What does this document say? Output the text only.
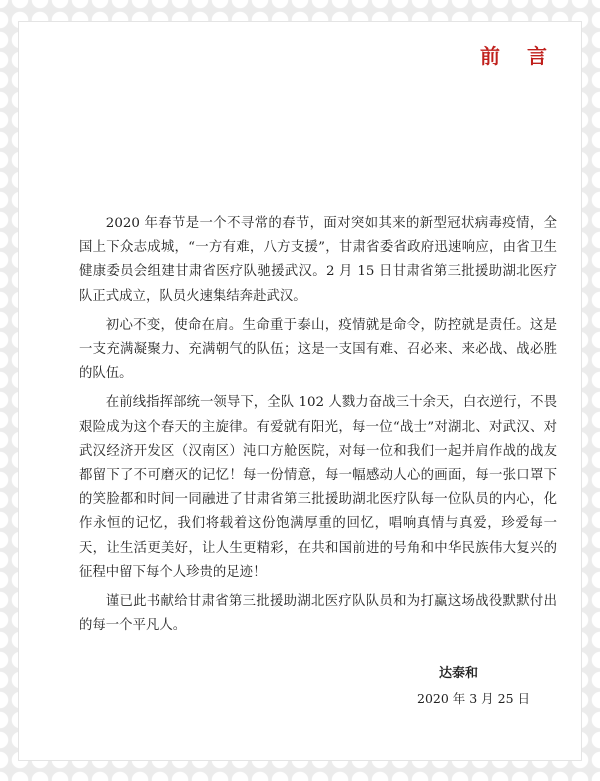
前 言

2020 年春节是一个不寻常的春节，面对突如其来的新型冠状病毒疫情，全国上下众志成城，“一方有难，八方支援”，甘肃省委省政府迅速响应，由省卫生健康委员会组建甘肃省医疗队驰援武汉。2 月 15 日甘肃省第三批援助湖北医疗队正式成立，队员火速集结奔赴武汉。

初心不变，使命在肩。生命重于泰山，疫情就是命令，防控就是责任。这是一支充满凝聚力、充满朝气的队伍；这是一支国有难、召必来、来必战、战必胜的队伍。

在前线指挥部统一领导下，全队 102 人戮力奋战三十余天，白衣逆行，不畏艰险成为这个春天的主旋律。有爱就有阳光，每一位“战士”对湖北、对武汉、对武汉经济开发区（汉南区）沌口方舱医院，对每一位和我们一起并肩作战的战友都留下了不可磨灭的记忆！每一份情意，每一幅感动人心的画面，每一张口罩下的笑脸都和时间一同融进了甘肃省第三批援助湖北医疗队每一位队员的内心，化作永恒的记忆，我们将载着这份饱满厚重的回忆，唱响真情与真爱，珍爱每一天，让生活更美好，让人生更精彩，在共和国前进的号角和中华民族伟大复兴的征程中留下每个人珍贵的足迹！

谨已此书献给甘肃省第三批援助湖北医疗队队员和为打赢这场战役默默付出的每一个平凡人。

达泰和

2020 年 3 月 25 日
